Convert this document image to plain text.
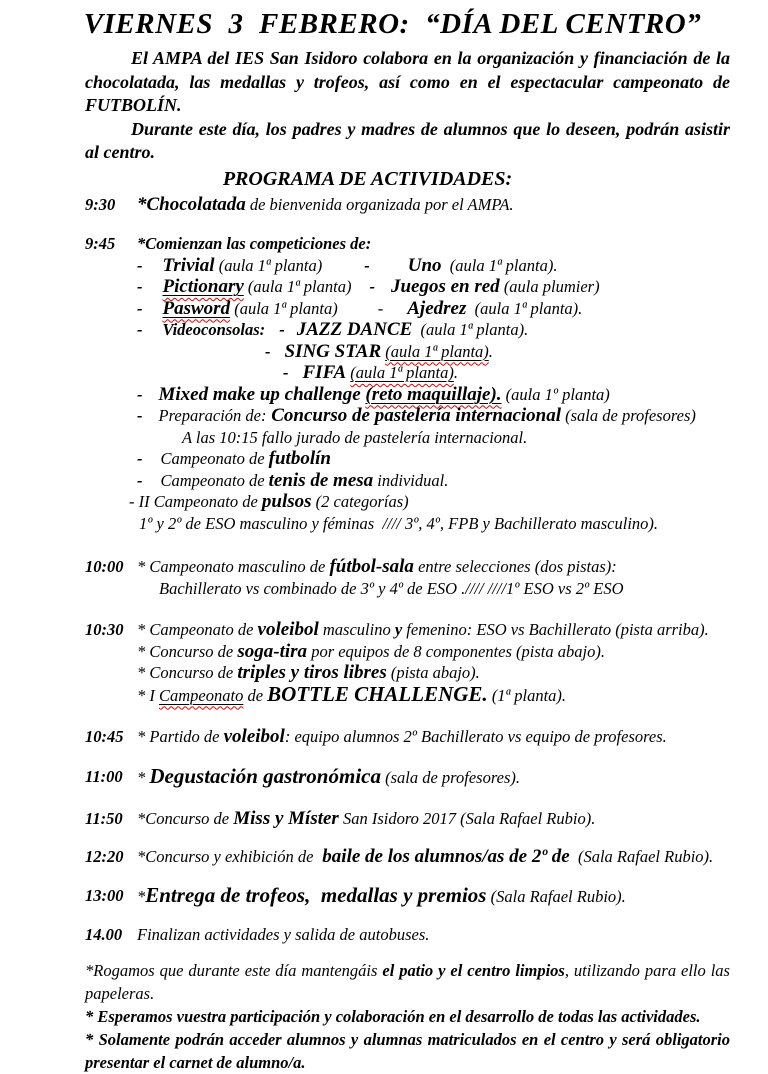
VIERNES  3  FEBRERO:  “DÍA DEL CENTRO”

El AMPA del IES San Isidoro colabora en la organización y financiación de la chocolatada, las medallas y trofeos, así como en el espectacular campeonato de FUTBOLÍN.

Durante este día, los padres y madres de alumnos que lo deseen, podrán asistir al centro.

PROGRAMA DE ACTIVIDADES:
9:30	*Chocolatada de bienvenida organizada por el AMPA.
9:45	*Comienzan las competiciones de:
- Trivial (aula 1ª planta)	- Uno  (aula 1ª planta).
- Pictionary (aula 1ª planta) - Juegos en red (aula plumier)
- Pasword (aula 1ª planta) - Ajedrez  (aula 1ª planta).
- Videoconsolas: - JAZZ DANCE  (aula 1ª planta).
- SING STAR (aula 1ª planta).
- FIFA (aula 1ª planta).
- Mixed make up challenge (reto maquillaje). (aula 1º planta)
- Preparación de: Concurso de pastelería internacional (sala de profesores)
A las 10:15 fallo jurado de pastelería internacional.
- Campeonato de futbolín
- Campeonato de tenis de mesa individual.
- II Campeonato de pulsos (2 categorías)
1º y 2º de ESO masculino y féminas  //// 3º, 4º, FPB y Bachillerato masculino).
10:00 * Campeonato masculino de fútbol-sala entre selecciones (dos pistas):
Bachillerato vs combinado de 3º y 4º de ESO .//// ////1º ESO vs 2º ESO
10:30 * Campeonato de voleibol masculino y femenino: ESO vs Bachillerato (pista arriba).
* Concurso de soga-tira por equipos de 8 componentes (pista abajo).
* Concurso de triples y tiros libres (pista abajo).
* I Campeonato de BOTTLE CHALLENGE. (1ª planta).
10:45 * Partido de voleibol: equipo alumnos 2º Bachillerato vs equipo de profesores.
11:00 * Degustación gastronómica (sala de profesores).
11:50 *Concurso de Miss y Míster San Isidoro 2017 (Sala Rafael Rubio).
12:20 *Concurso y exhibición de  baile de los alumnos/as de 2º de  (Sala Rafael Rubio).
13:00 *Entrega de trofeos,  medallas y premios (Sala Rafael Rubio).
14.00 Finalizan actividades y salida de autobuses.

*Rogamos que durante este día mantengáis el patio y el centro limpios, utilizando para ello las papeleras.

* Esperamos vuestra participación y colaboración en el desarrollo de todas las actividades.

* Solamente podrán acceder alumnos y alumnas matriculados en el centro y será obligatorio presentar el carnet de alumno/a.
